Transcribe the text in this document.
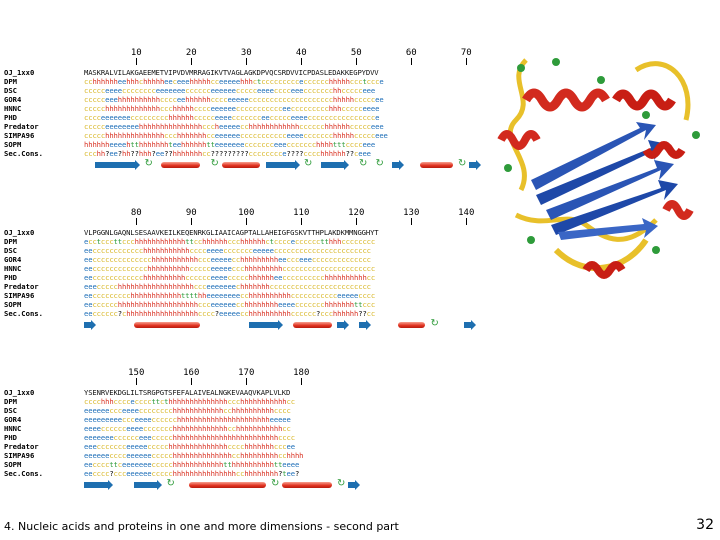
10	20	30	40	50	60	70
OJ_1xx0	MASKRALVILAKGAEEMETVIPVDVMRRAGIKVTVAGLAGKDPVQCSRDVVICPDASLEDAKKEGPYDVV
DPM	cchhhhhheehhhchhhhheeceeehhhhhcceeeeehhhctcccccccccecccccchhhhhccctccce
DSC	ccccceeeecccccccceeeeeeecccccceeeeeeccccceeeecccceeeccccccchhccccceee
GOR4	ccccceeehhhhhhhhhhcccceehhhhhhcccceeeeecccccccccccccccccccchhhhhcccccee
HNNC	ccccchhhhhhhhhhhhhccchhhhhcccceeeeeeccccccccccceeccccccccchhhccccceeee
PHD	cccceeeeeeeccccccccchhhhhhccccceeeeccccccceeccccceeeecccccccccccccccce
Predator	ccccceeeeeeeehhhhhhhhhhhhhhhcccheeeeecchhhhhhhhhhhhcccccchhhhhhccccceee
SIMPA96	ccccchhhhhhhhhhhhhhccchhhhhhhcceeeeeeccccccccccceeeeccccccchhhhhccccceee
SOPM	hhhhhheeeehtthhhhhhhteehhhhhhtteeeeeeeccccccceeeccccccchhhhtttcccceee
Sec.Cons.	ccchh?ee?hh??hhh?ee??hhhhhhhcc?????????cccccccce????cccchhhhhh??ceee
↻	↻	↻	↻ ↻	↻
80	90	100	110	120	130	140
OJ_1xx0	VLPGGNLGAQNLSESAAVKEILKEQENRKGLIAAICAGPTALLAHEIGFGSKVTTHPLAKDKMMNGGHYT
DPM	ecctcccttccchhhhhhhhhhhhttcchhhhhhccchhhhhhctccccecccccctthhhcccccccc
DSC	eecccccccccccchhhhhhhhhhhcccceeeeccccccceeeeeccccccccccccccccccccccc
GOR4	eecccccccccccccchhhhhhhhhhhccceeeeecchhhhhhhhheeccceeecccccccccccccc
HNNC	eeccccccccccccchhhhhhhhhhccccceeeeeccchhhhhhhhhcccccccccccccccccccccc
PHD	eecccccccccccchhhhhhhhhhcccccceeeeccccchhhhhheecccccccccchhhhhhhhhhcc
Predator	eeeccccchhhhhhhhhhhhhhhhhhccceeeeeeechhhhhhhcccccccccccccccccccccccc
SIMPA96	eeccccccccchhhhhhhhhhhhtttthheeeeeeeecchhhhhhhhhhccccccccccceeeeecccc
SOPM	eecccccchhhhhhhhhhhhhhhhhhhccceeeeeecchhhhhhhheeeeccccccchhhhhhhttccc
Sec.Cons.	eecccccc?chhhhhhhhhhhhhhhhhcccc?eeeeecchhhhhhhhhhcccccc?ccchhhhhh??cc
↻
150	160	170	180
OJ_1xx0	YSENRVEKDGLILTSRGPGTSFEFALAIVEALNGKEVAAQVKAPLVLKD
DPM	cccchhhcccceccccttcthhhhhhhhhhhhhhccchhhhhhhhhhhcc
DSC	eeeeeeccceeeecccccccchhhhhhhhhhhhcchhhhhhhhhhcccc
GOR4	eeeeeeeeeccceeeecccccchhhhhhhhhhhhhhhhhhhhhheeeee
HNNC	eeeecccccceeeeccccccchhhhhhhhhhhhhcchhhhhhhhhhhcc
PHD	eeeeeeecccccceeeccccchhhhhhhhhhhhhhhhhhhhhhhhhcccc
Predator	eeeccccccceeeeeccccchhhhhhhhhhhhhhcccchhhhhhhcccee
SIMPA96	eeeeeecccceeeeeeccccchhhhhhhhhhhhhhcchhhhhhhhhcchhhh
SOPM	eeccccttceeeeeeeccccchhhhhhhhhhhhtthhhhhhhhhhtteeee
Sec.Cons.	eecccc?ccceeeeeeccccchhhhhhhhhhhhhhhcchhhhhhhh?tee?
↻	↻	↻
4. Nucleic acids and proteins in one and more dimensions - second part	32
